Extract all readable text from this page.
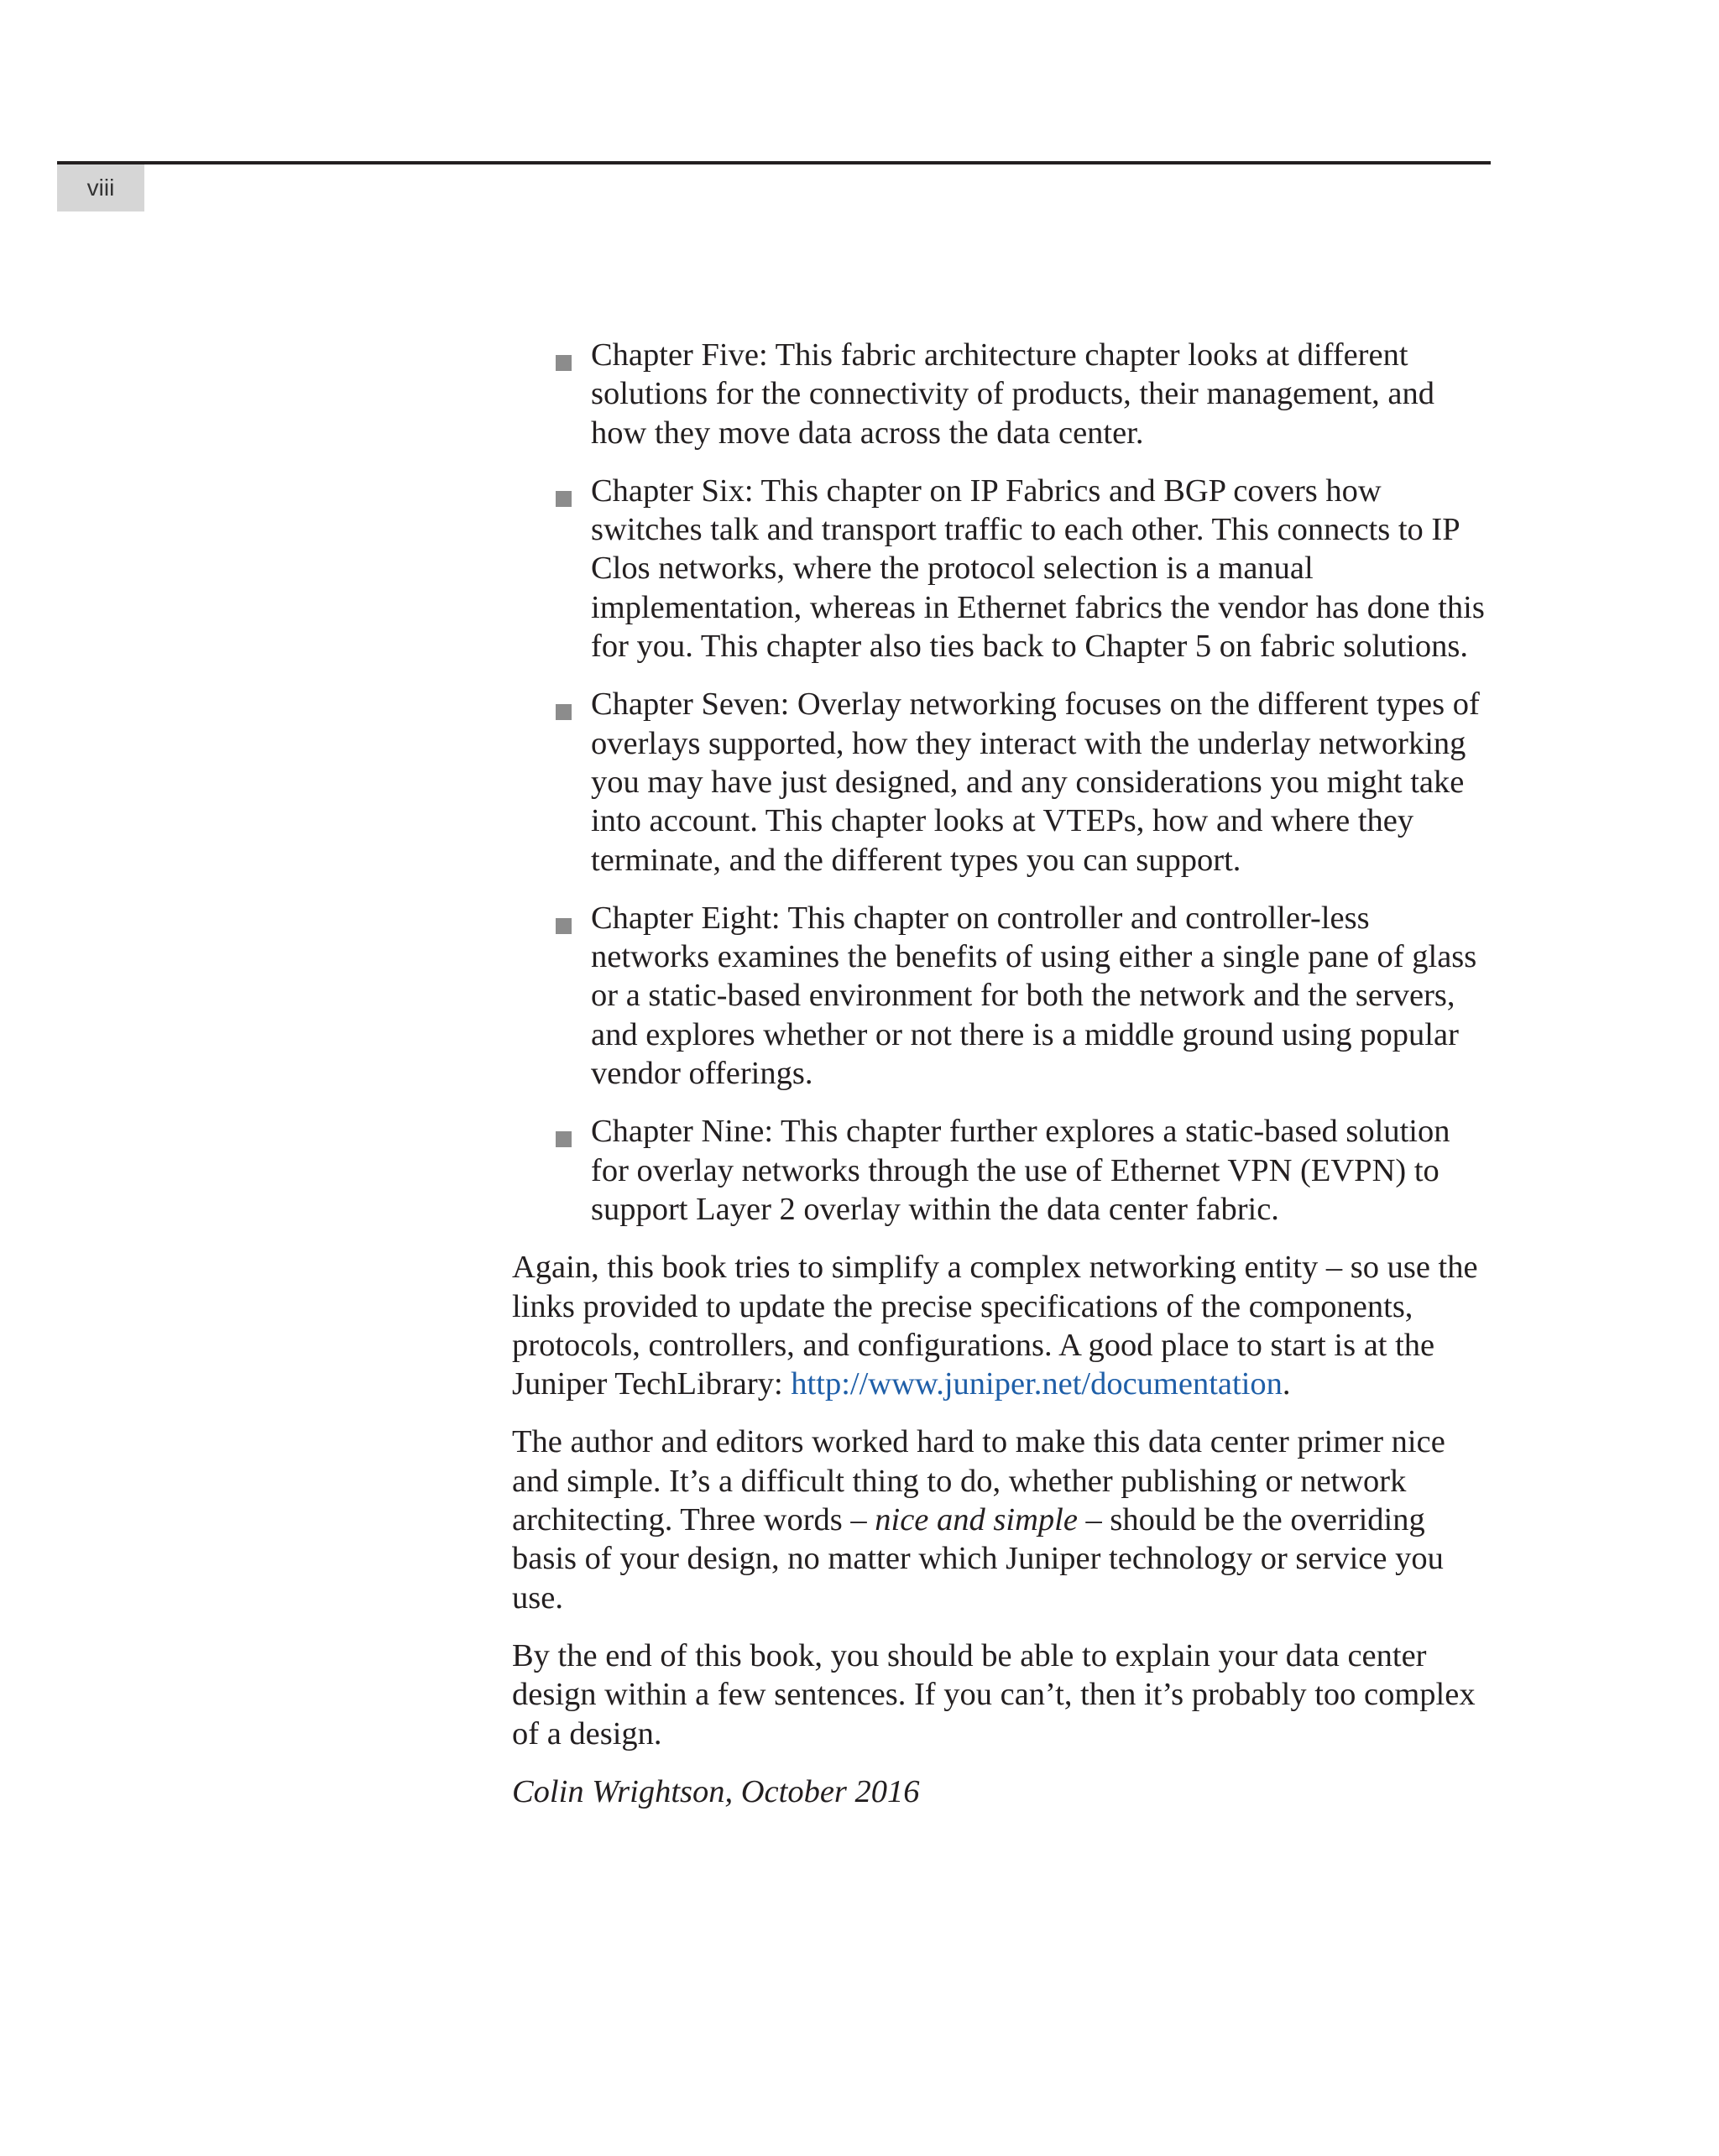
viii
Chapter Five: This fabric architecture chapter looks at different solutions for the connectivity of products, their management, and how they move data across the data center.
Chapter Six: This chapter on IP Fabrics and BGP covers how switches talk and transport traffic to each other. This connects to IP Clos networks, where the protocol selection is a manual implementation, whereas in Ethernet fabrics the vendor has done this for you. This chapter also ties back to Chapter 5 on fabric solutions.
Chapter Seven: Overlay networking focuses on the different types of overlays supported, how they interact with the underlay networking you may have just designed, and any considerations you might take into account. This chapter looks at VTEPs, how and where they terminate, and the different types you can support.
Chapter Eight: This chapter on controller and controller-less networks examines the benefits of using either a single pane of glass or a static-based environment for both the network and the servers, and explores whether or not there is a middle ground using popular vendor offerings.
Chapter Nine: This chapter further explores a static-based solution for overlay networks through the use of Ethernet VPN (EVPN) to support Layer 2 overlay within the data center fabric.

Again, this book tries to simplify a complex networking entity – so use the links provided to update the precise specifications of the components, protocols, controllers, and configurations. A good place to start is at the Juniper TechLibrary: http://www.juniper.net/documentation.

The author and editors worked hard to make this data center primer nice and simple. It’s a difficult thing to do, whether publishing or network architecting. Three words – nice and simple – should be the overriding basis of your design, no matter which Juniper technology or service you use.

By the end of this book, you should be able to explain your data center design within a few sentences. If you can’t, then it’s probably too complex of a design.

Colin Wrightson, October 2016
